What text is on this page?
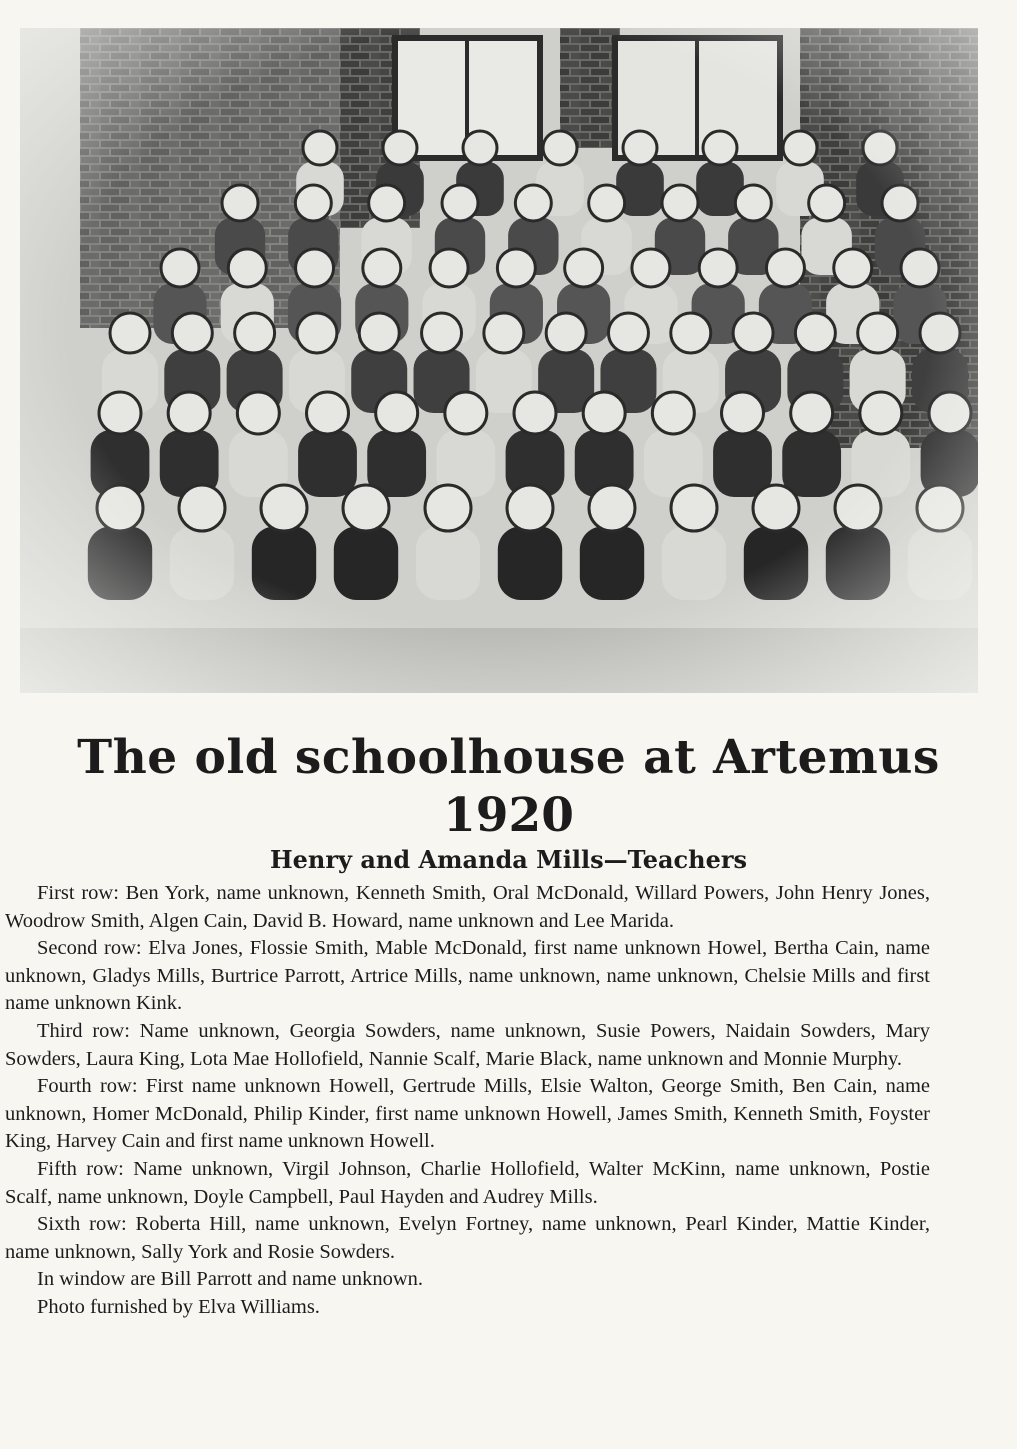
The old schoolhouse at Artemus
1920
Henry and Amanda Mills—Teachers

First row: Ben York, name unknown, Kenneth Smith, Oral McDonald, Willard Powers, John Henry Jones, Woodrow Smith, Algen Cain, David B. Howard, name unknown and Lee Marida.

Second row: Elva Jones, Flossie Smith, Mable McDonald, first name unknown Howel, Bertha Cain, name unknown, Gladys Mills, Burtrice Parrott, Artrice Mills, name unknown, name unknown, Chelsie Mills and first name unknown Kink.

Third row: Name unknown, Georgia Sowders, name unknown, Susie Powers, Naidain Sowders, Mary Sowders, Laura King, Lota Mae Hollofield, Nannie Scalf, Marie Black, name unknown and Monnie Murphy.

Fourth row: First name unknown Howell, Gertrude Mills, Elsie Walton, George Smith, Ben Cain, name unknown, Homer McDonald, Philip Kinder, first name unknown Howell, James Smith, Kenneth Smith, Foyster King, Harvey Cain and first name unknown Howell.

Fifth row: Name unknown, Virgil Johnson, Charlie Hollofield, Walter McKinn, name unknown, Postie Scalf, name unknown, Doyle Campbell, Paul Hayden and Audrey Mills.

Sixth row: Roberta Hill, name unknown, Evelyn Fortney, name unknown, Pearl Kinder, Mattie Kinder, name unknown, Sally York and Rosie Sowders.

In window are Bill Parrott and name unknown.

Photo furnished by Elva Williams.
